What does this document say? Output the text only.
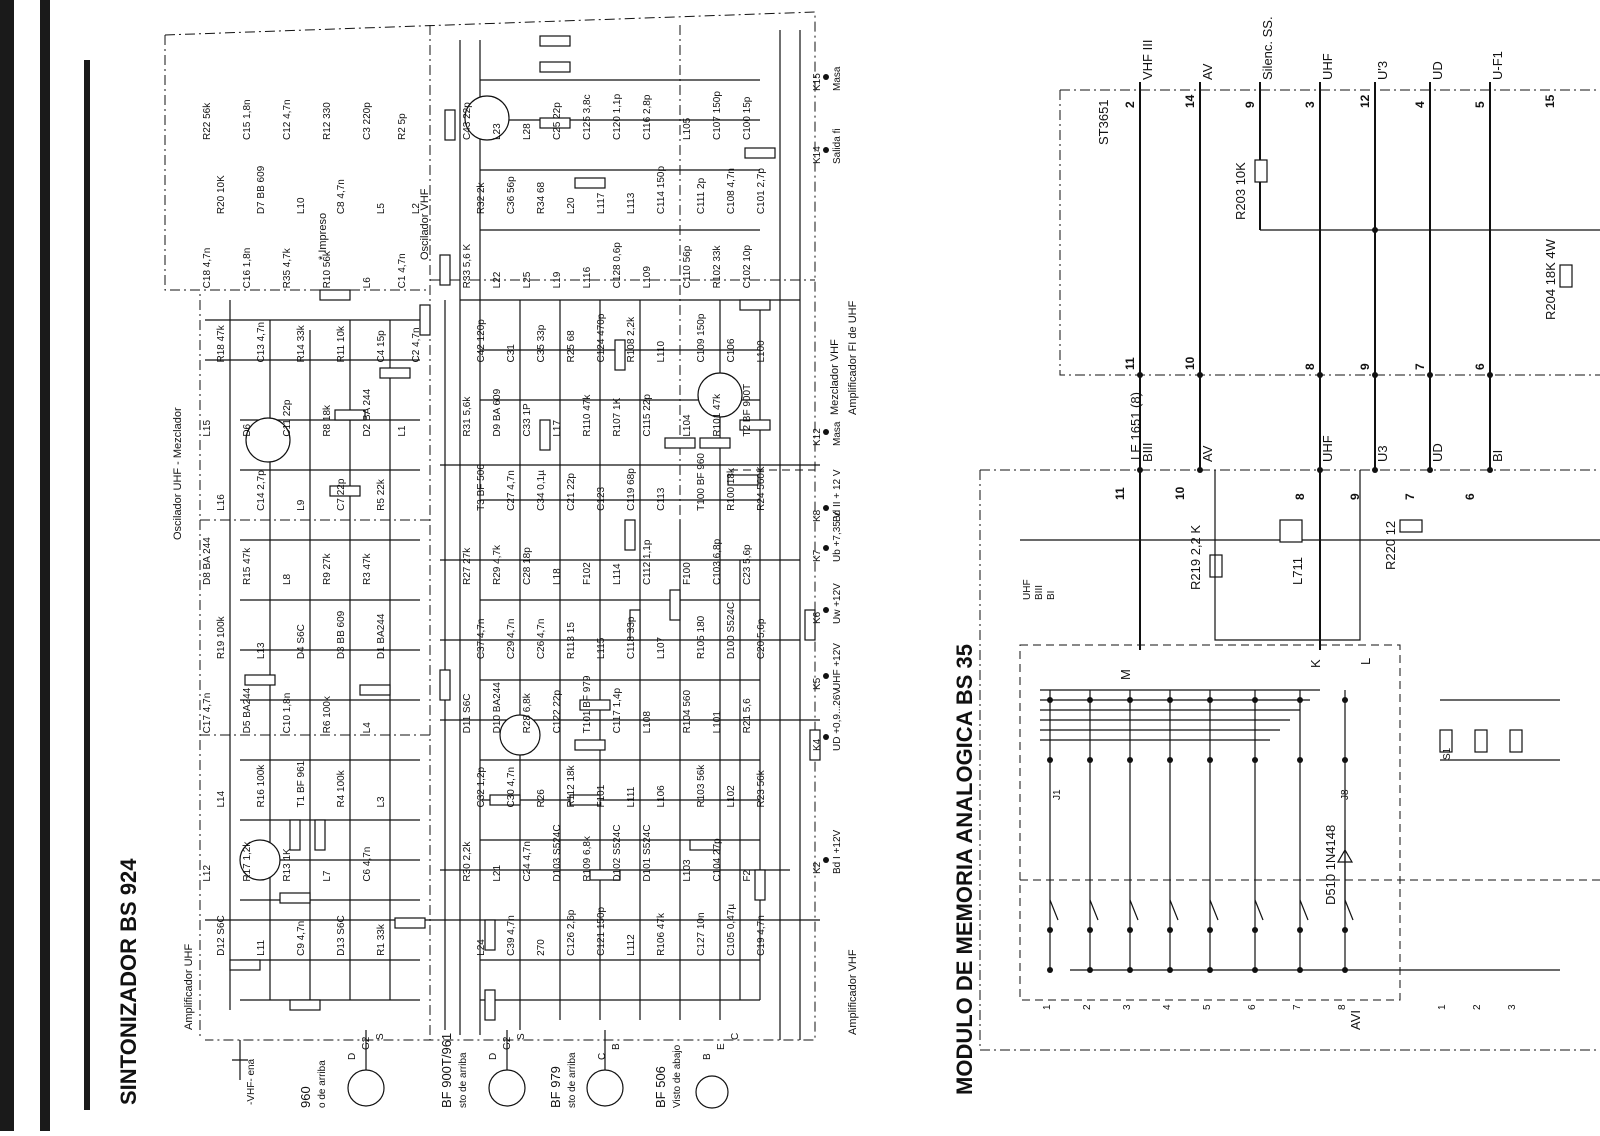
C43 22p
R32 2k
R33 5,6 K
C42 120p
R31 5,6k
T3 BF 506
R27 27k
C37 4,7n
D11 S6C
C32 1,2p
R30 2,2k
L24
L23
C36 56p
L22
C31
D9 BA 609
C27 4,7n
R29 4,7k
C29 4,7n
D10 BA244
C30 4,7n
L21
C39 4,7n
L28
R34 68
L25
C35 33p
C33 1P
C34 0,1µ
C28 18p
C26 4,7n
R28 6,8k
R26
C24 4,7n
270
C25 22p
L20
L19
R25 68
L17
C21 22p
L18
R113 15
C122 22p
R112 18k
D103 S524C
C126 2,6p
C125 3,8c
L117
L116
C124 470p
R110 47k
C123
F102
L115
T101 BF 979
F101
R109 6,8k
C121 150p
C120 1,1p
L113
C128 0,6p
R108 2,2k
R107 1K
C119 68p
L114
C118 33p
C117 1,4p
L111
D102 S524C
L112
C116 2,8p
C114 150p
L109
L110
C115 22p
C113
C112 1,1p
L107
L108
L106
D101 S524C
R106 47k
L105
C111 2p
C110 56p
C109 150p
L104
T100 BF 960
F100
R105 180
R104 560
R103 56k
L103
C127 10n
C107 150p
C108 4,7n
R102 33k
C106
R101 47k
R100 18k
C103 6,8p
D100 S524C
L101
L102
C104 27p
C105 0,47µ
C100 15p
C101 2,7p
C102 10p
L100
T2 BF 900T
R24 560K
C23 5,6p
C20 5,6p
R21 5,6
R23 56k
F2
C19 4,7n
R22 56k
R20 10K
C18 4,7n
R18 47k
L15
L16
D8 BA 244
R19 100k
C17 4,7n
L14
L12
D12 S6C
C15 1,8n
D7 BB 609
C16 1,8n
C13 4,7n
D6
C14 2,7p
R15 47k
L13
D5 BA244
R16 100k
R17 1,2k
L11
C12 4,7n
L10
R35 4,7k
R14 33k
C11 22p
L9
L8
D4 S6C
C10 1,8n
T1 BF 961
R13 1K
C9 4,7n
R12 330
C8 4,7n
R10 56k
R11 10k
R8 18k
C7 22p
R9 27k
D3 BB 609
R6 100k
R4 100k
L7
D13 S6C
C3 220p
L5
L6
C4 15p
D2 BA 244
R5 22k
R3 47k
D1 BA244
L4
L3
C6 4,7n
R1 33k
R2 5p
L2
C1 4,7n
C2 4,7n
L1
K15 Masa
K14 Salida fi
K12 Masa
K8 Bd II + 12 V
K7 Ub +7,35 V
K6 Uw +12V
K5 UHF +12V
K4 UD +0,9...26V
K2 Bd I +12V
960 o de arriba
D
G2 S	BF 900T/961 sto de arriba D
G2 S
BF 979 sto de arriba C
B
BF 506 Visto de abajo B
E
C
SINTONIZADOR BS 924
Oscilador UHF - Mezclador
Oscilador VHF
Amplificador UHF	Amplificador VHF
Mezclador VHF Amplificador FI de UHF
* Impreso
-VHF- ena
2
VHF III
14
AV
9
Silenc. SS.
3
UHF
12
U'3
4
UD
5
U-F1
15
11	10	8	9	7	6
11
BIII
10
AV
8
UHF
9
U3
7
UD
6
BI
R203 10K
R204 18K 4W
R219 2,2 K	R220 12
L711
D510 1N4148
UHF BIII BI
J1	J8
S1
M
K	L
1	2	3	4	5	6	7	8	1 2 3
MODULO DE MEMORIA ANALOGICA BS 35
ST3651
LE 1651 (8)
AVI
